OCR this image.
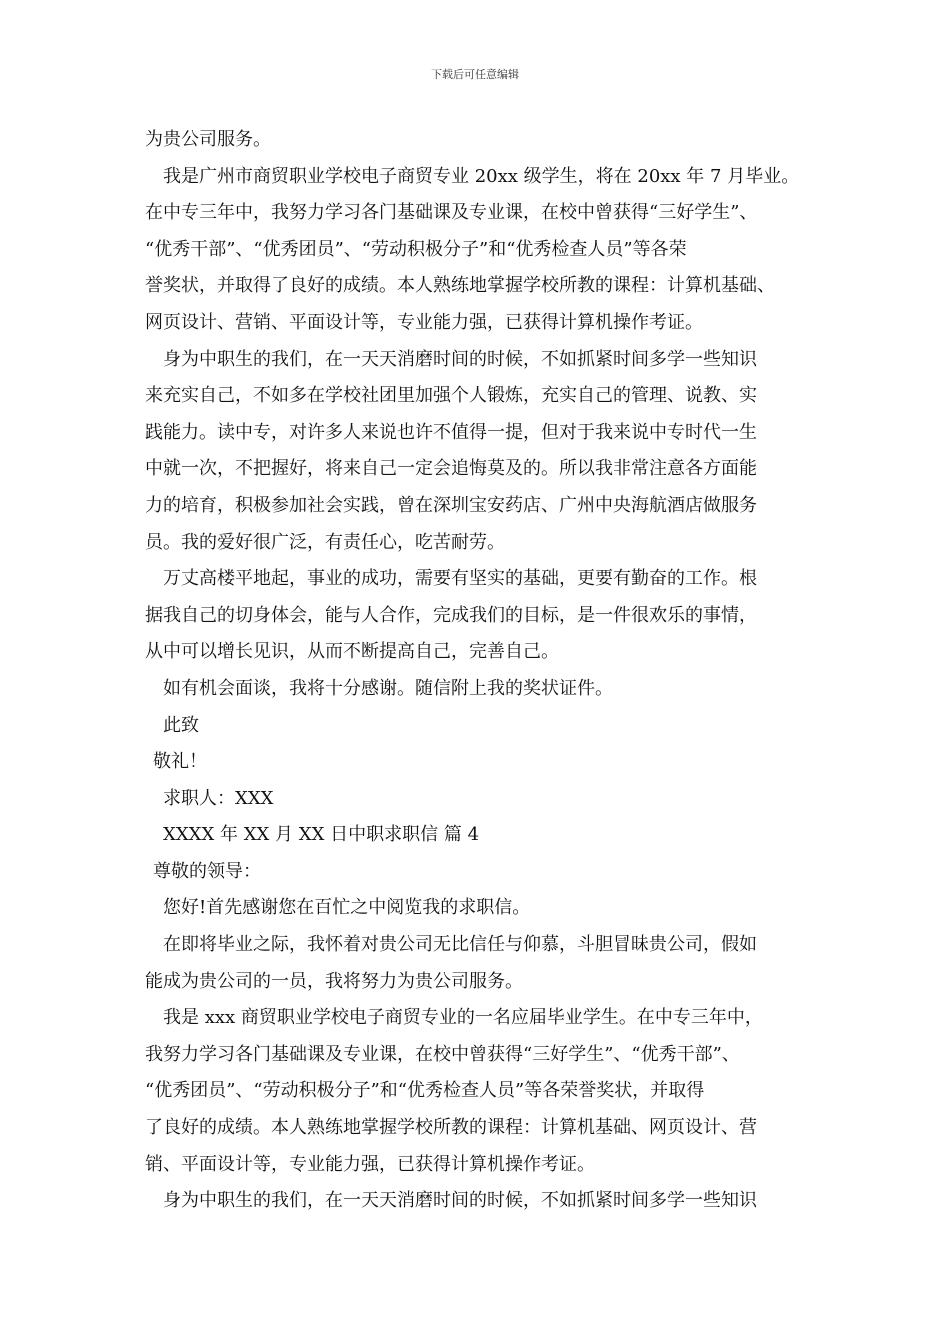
下载后可任意编辑
为贵公司服务。
我是广州市商贸职业学校电子商贸专业 20xx 级学生，将在 20xx 年 7 月毕业。
在中专三年中，我努力学习各门基础课及专业课，在校中曾获得“三好学生”、
“优秀干部”、“优秀团员”、“劳动积极分子”和“优秀检查人员”等各荣
誉奖状，并取得了良好的成绩。本人熟练地掌握学校所教的课程：计算机基础、
网页设计、营销、平面设计等，专业能力强，已获得计算机操作考证。
身为中职生的我们，在一天天消磨时间的时候，不如抓紧时间多学一些知识
来充实自己，不如多在学校社团里加强个人锻炼，充实自己的管理、说教、实
践能力。读中专，对许多人来说也许不值得一提，但对于我来说中专时代一生
中就一次，不把握好，将来自己一定会追悔莫及的。所以我非常注意各方面能
力的培育，积极参加社会实践，曾在深圳宝安药店、广州中央海航酒店做服务
员。我的爱好很广泛，有责任心，吃苦耐劳。
万丈高楼平地起，事业的成功，需要有坚实的基础，更要有勤奋的工作。根
据我自己的切身体会，能与人合作，完成我们的目标，是一件很欢乐的事情，
从中可以增长见识，从而不断提高自己，完善自己。
如有机会面谈，我将十分感谢。随信附上我的奖状证件。
此致
敬礼！
求职人：XXX
XXXX 年 XX 月 XX 日中职求职信 篇 4
尊敬的领导：
您好!首先感谢您在百忙之中阅览我的求职信。
在即将毕业之际，我怀着对贵公司无比信任与仰慕，斗胆冒昧贵公司，假如
能成为贵公司的一员，我将努力为贵公司服务。
我是 xxx 商贸职业学校电子商贸专业的一名应届毕业学生。在中专三年中，
我努力学习各门基础课及专业课，在校中曾获得“三好学生”、“优秀干部”、
“优秀团员”、“劳动积极分子”和“优秀检查人员”等各荣誉奖状，并取得
了良好的成绩。本人熟练地掌握学校所教的课程：计算机基础、网页设计、营
销、平面设计等，专业能力强，已获得计算机操作考证。
身为中职生的我们，在一天天消磨时间的时候，不如抓紧时间多学一些知识
